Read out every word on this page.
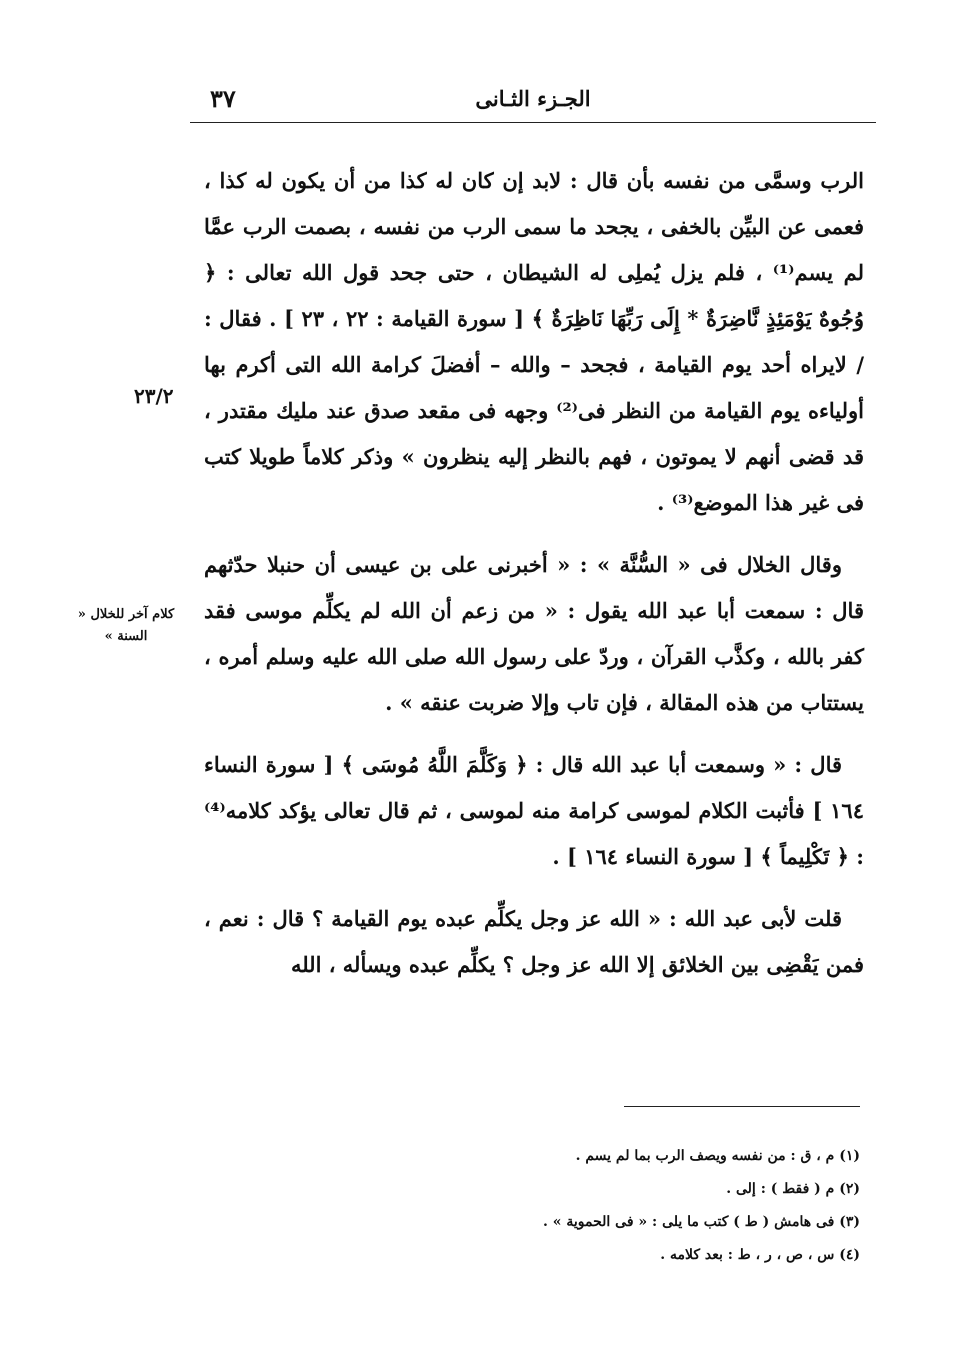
٣٧	الجـزء الثـانى
٢٣/٢
كلام آخر للخلال « السنة »

الرب وسمَّى من نفسه بأن قال : لابد إن كان له كذا من أن يكون له كذا ، فعمى عن البيِّن بالخفى ، يجحد ما سمى الرب من نفسه ، بصمت الرب عمَّا لم يسم⁽¹⁾ ، فلم يزل يُملِى له الشيطان ، حتى جحد قول الله تعالى : ﴿ وُجُوهٌ يَوْمَئِذٍ نَّاضِرَةٌ * إِلَى رَبِّهَا نَاظِرَةٌ ﴾ [ سورة القيامة : ٢٢ ، ٢٣ ] . فقال : / لايراه أحد يوم القيامة ، فجحد – والله – أفضلَ كرامة الله التى أكرم بها أولياءه يوم القيامة من النظر فى⁽²⁾ وجهه فى مقعد صدق عند مليك مقتدر ، قد قضى أنهم لا يموتون ، فهم بالنظر إليه ينظرون » وذكر كلاماً طويلا كتب فى غير هذا الموضع⁽³⁾ .

وقال الخلال فى « السُّنَّة » : « أخبرنى على بن عيسى أن حنبلا حدّثهم قال : سمعت أبا عبد الله يقول : « من زعم أن الله لم يكلِّم موسى فقد كفر بالله ، وكذَّب القرآن ، وردّ على رسول الله صلى الله عليه وسلم أمره ، يستتاب من هذه المقالة ، فإن تاب وإلا ضربت عنقه » .

قال : « وسمعت أبا عبد الله قال : ﴿ وَكَلَّمَ اللَّهُ مُوسَى ﴾ [ سورة النساء ١٦٤ ] فأثبت الكلام لموسى كرامة منه لموسى ، ثم قال تعالى يؤكد كلامه⁽⁴⁾ : ﴿ تَكْلِيماً ﴾ [ سورة النساء ١٦٤ ] .

قلت لأبى عبد الله : « الله عز وجل يكلِّم عبده يوم القيامة ؟ قال : نعم ، فمن يَقْضِى بين الخلائق إلا الله عز وجل ؟ يكلِّم عبده ويسأله ، الله

(١) م ، ق : من نفسه ويصف الرب بما لم يسم .
(٢) م ( فقط ) : إلى .
(٣) فى هامش ( ط ) كتب ما يلى : « فى الحموية » .
(٤) س ، ص ، ر ، ط : بعد كلامه .
